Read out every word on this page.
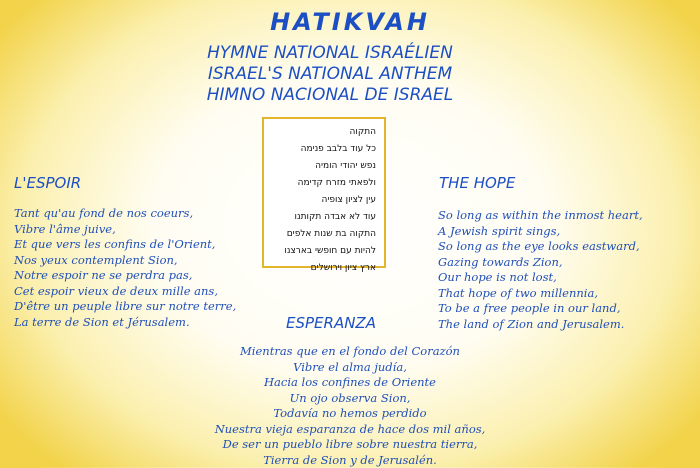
HATIKVAH
HYMNE NATIONAL ISRAÉLIEN
ISRAEL'S NATIONAL ANTHEM
HIMNO NACIONAL DE ISRAEL
התקוה
כל עוד בלבב פנימה
נפש יהודי הומיה
ולפאתי מזרח קדימה
עין לציון צופיה
עוד לא אבדה תקותנו
התקוה בת שנות אלפים
להיות עם חופשי בארצנו
ארץ ציון וירושלים
L'ESPOIR
Tant qu'au fond de nos coeurs,
Vibre l'âme juive,
Et que vers les confins de l'Orient,
Nos yeux contemplent Sion,
Notre espoir ne se perdra pas,
Cet espoir vieux de deux mille ans,
D'être un peuple libre sur notre terre,
La terre de Sion et Jérusalem.
THE HOPE
So long as within the inmost heart,
A Jewish spirit sings,
So long as the eye looks eastward,
Gazing towards Zion,
Our hope is not lost,
That hope of two millennia,
To be a free people in our land,
The land of Zion and Jerusalem.
ESPERANZA
Mientras que en el fondo del Corazón
Vibre el alma judía,
Hacia los confines de Oriente
Un ojo observa Sion,
Todavía no hemos perdido
Nuestra vieja esparanza de hace dos mil años,
De ser un pueblo libre sobre nuestra tierra,
Tierra de Sion y de Jerusalén.
